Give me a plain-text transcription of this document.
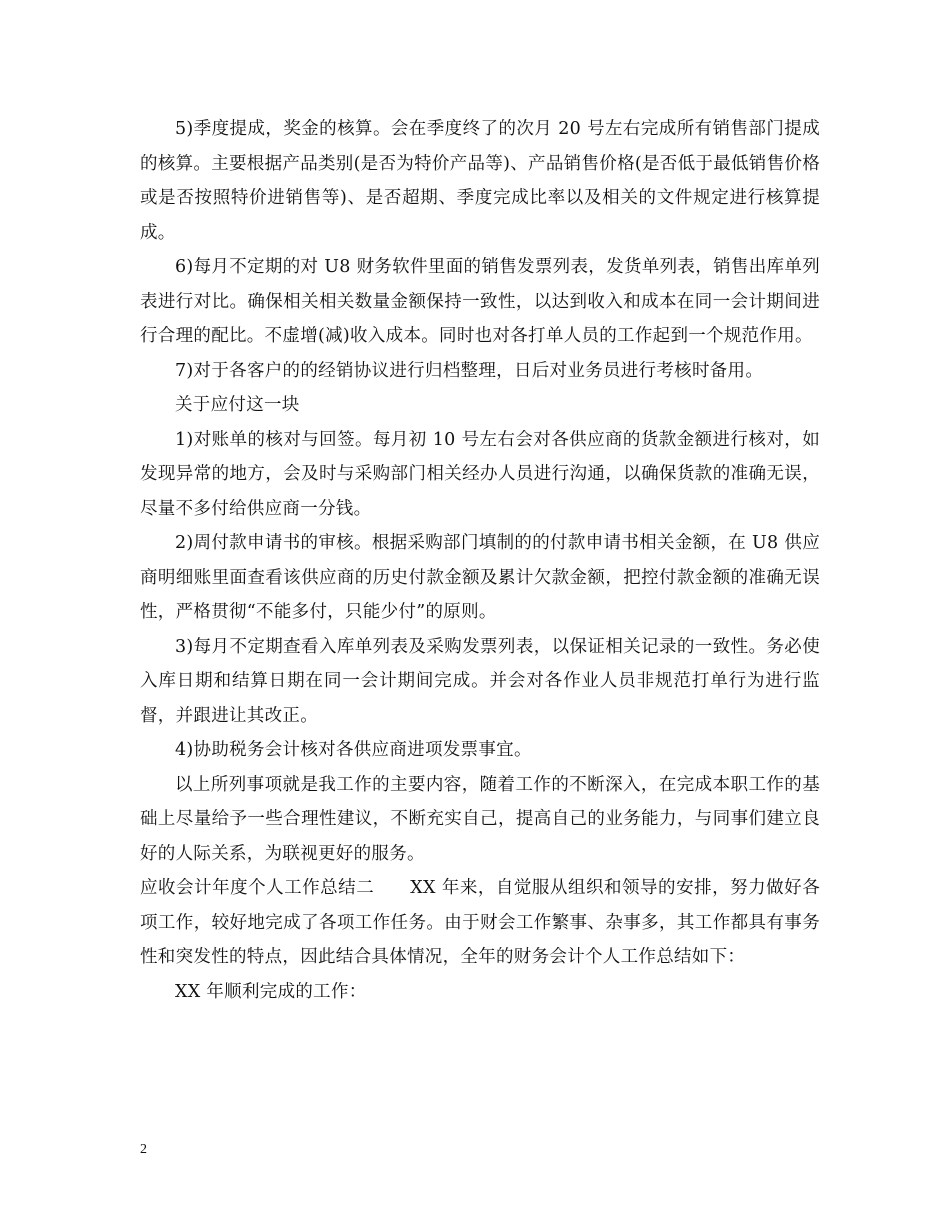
5)季度提成，奖金的核算。会在季度终了的次月 20 号左右完成所有销售部门提成的核算。主要根据产品类别(是否为特价产品等)、产品销售价格(是否低于最低销售价格或是否按照特价进销售等)、是否超期、季度完成比率以及相关的文件规定进行核算提成。

6)每月不定期的对 U8 财务软件里面的销售发票列表，发货单列表，销售出库单列表进行对比。确保相关相关数量金额保持一致性，以达到收入和成本在同一会计期间进行合理的配比。不虚增(减)收入成本。同时也对各打单人员的工作起到一个规范作用。

7)对于各客户的的经销协议进行归档整理，日后对业务员进行考核时备用。

关于应付这一块

1)对账单的核对与回签。每月初 10 号左右会对各供应商的货款金额进行核对，如发现异常的地方，会及时与采购部门相关经办人员进行沟通，以确保货款的准确无误，尽量不多付给供应商一分钱。

2)周付款申请书的审核。根据采购部门填制的的付款申请书相关金额，在 U8 供应商明细账里面查看该供应商的历史付款金额及累计欠款金额，把控付款金额的准确无误性，严格贯彻“不能多付，只能少付”的原则。

3)每月不定期查看入库单列表及采购发票列表，以保证相关记录的一致性。务必使入库日期和结算日期在同一会计期间完成。并会对各作业人员非规范打单行为进行监督，并跟进让其改正。

4)协助税务会计核对各供应商进项发票事宜。

以上所列事项就是我工作的主要内容，随着工作的不断深入，在完成本职工作的基础上尽量给予一些合理性建议，不断充实自己，提高自己的业务能力，与同事们建立良好的人际关系，为联视更好的服务。

应收会计年度个人工作总结二　　XX 年来，自觉服从组织和领导的安排，努力做好各项工作，较好地完成了各项工作任务。由于财会工作繁事、杂事多，其工作都具有事务性和突发性的特点，因此结合具体情况，全年的财务会计个人工作总结如下：

XX 年顺利完成的工作：

2
